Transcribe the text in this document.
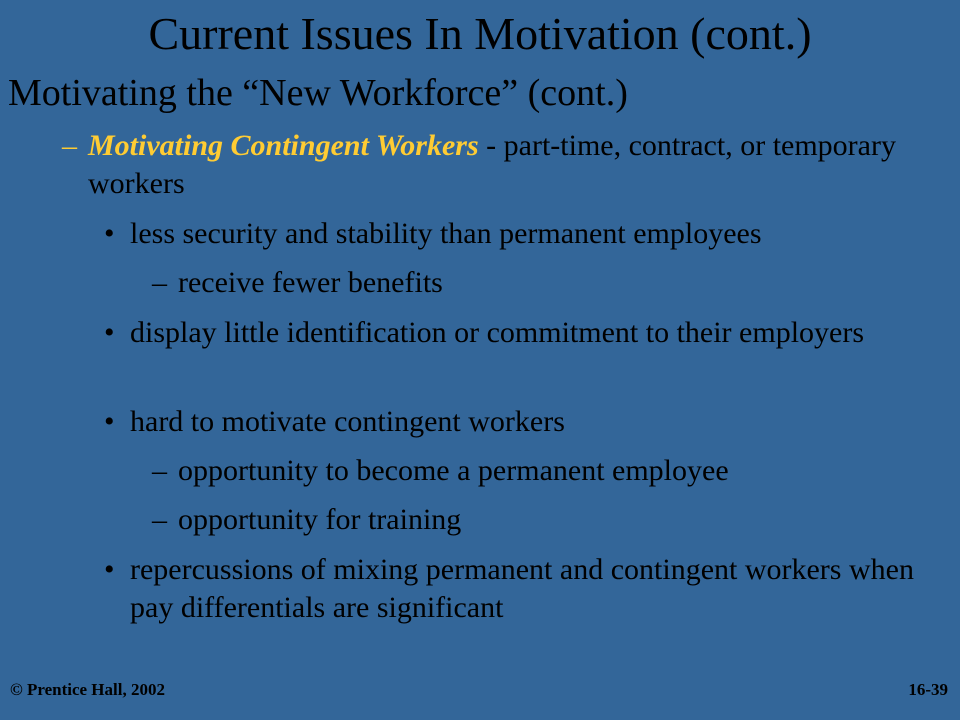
Current Issues In Motivation (cont.)
Motivating the “New Workforce” (cont.)
– Motivating Contingent Workers - part-time, contract, or temporary workers
• less security and stability than permanent employees
– receive fewer benefits
• display little identification or commitment to their employers
• hard to motivate contingent workers
– opportunity to become a permanent employee
– opportunity for training
• repercussions of mixing permanent and contingent workers when pay differentials are significant
© Prentice Hall, 2002	16-39
